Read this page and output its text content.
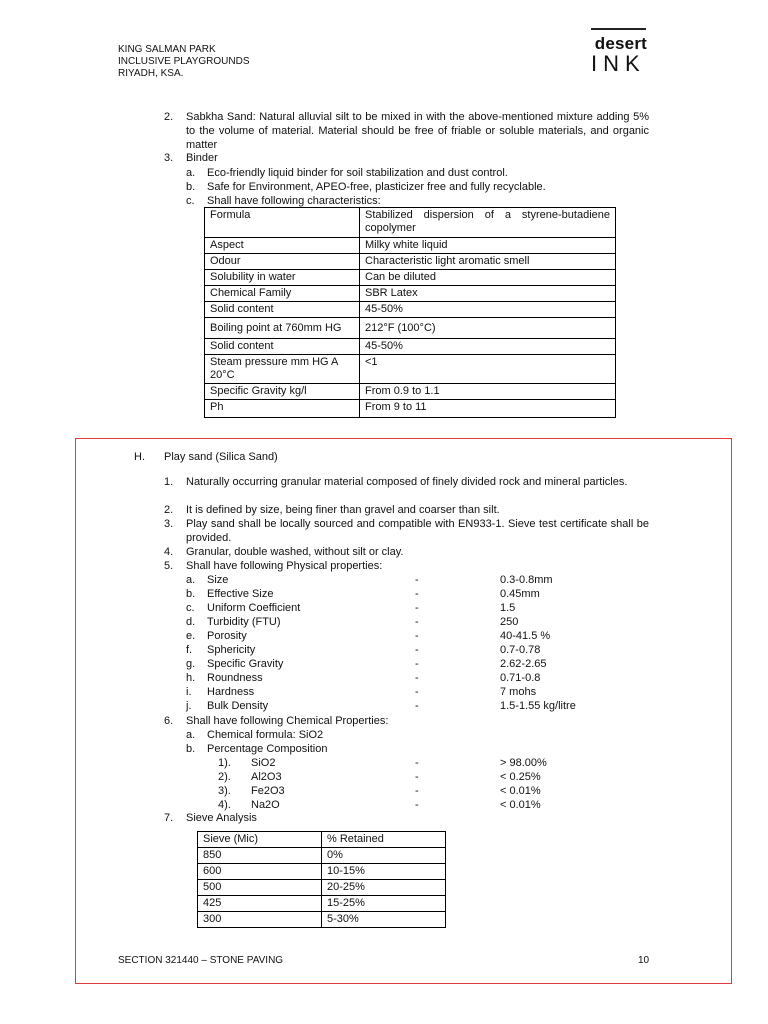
KING SALMAN PARK
INCLUSIVE PLAYGROUNDS
RIYADH, KSA.
desert
INK
2. Sabkha Sand: Natural alluvial silt to be mixed in with the above-mentioned mixture adding 5% to the volume of material. Material should be free of friable or soluble materials, and organic matter
3. Binder
a. Eco-friendly liquid binder for soil stabilization and dust control.
b. Safe for Environment, APEO-free, plasticizer free and fully recyclable.
c. Shall have following characteristics:
Formula	Stabilized dispersion of a styrene-butadiene copolymer
Aspect	Milky white liquid
Odour	Characteristic light aromatic smell
Solubility in water	Can be diluted
Chemical Family	SBR Latex
Solid content	45-50%
Boiling point at 760mm HG	212°F (100°C)
Solid content	45-50%
Steam pressure mm HG A 20°C	<1
Specific Gravity kg/l	From 0.9 to 1.1
Ph	From 9 to 11
H. Play sand (Silica Sand)
1. Naturally occurring granular material composed of finely divided rock and mineral particles.
2. It is defined by size, being finer than gravel and coarser than silt.
3. Play sand shall be locally sourced and compatible with EN933-1. Sieve test certificate shall be provided.
4. Granular, double washed, without silt or clay.
5. Shall have following Physical properties:
a. Size	-	0.3-0.8mm
b. Effective Size	-	0.45mm
c. Uniform Coefficient	-	1.5
d. Turbidity (FTU)	-	250
e. Porosity	-	40-41.5 %
f. Sphericity	-	0.7-0.78
g. Specific Gravity	-	2.62-2.65
h. Roundness	-	0.71-0.8
i. Hardness	-	7 mohs
j. Bulk Density	-	1.5-1.55 kg/litre
6. Shall have following Chemical Properties:
a. Chemical formula: SiO2
b. Percentage Composition
1). SiO2	-	> 98.00%
2). Al2O3	-	< 0.25%
3). Fe2O3	-	< 0.01%
4). Na2O	-	< 0.01%
7. Sieve Analysis
Sieve (Mic)	% Retained
850	0%
600	10-15%
500	20-25%
425	15-25%
300	5-30%
SECTION 321440 – STONE PAVING	10
